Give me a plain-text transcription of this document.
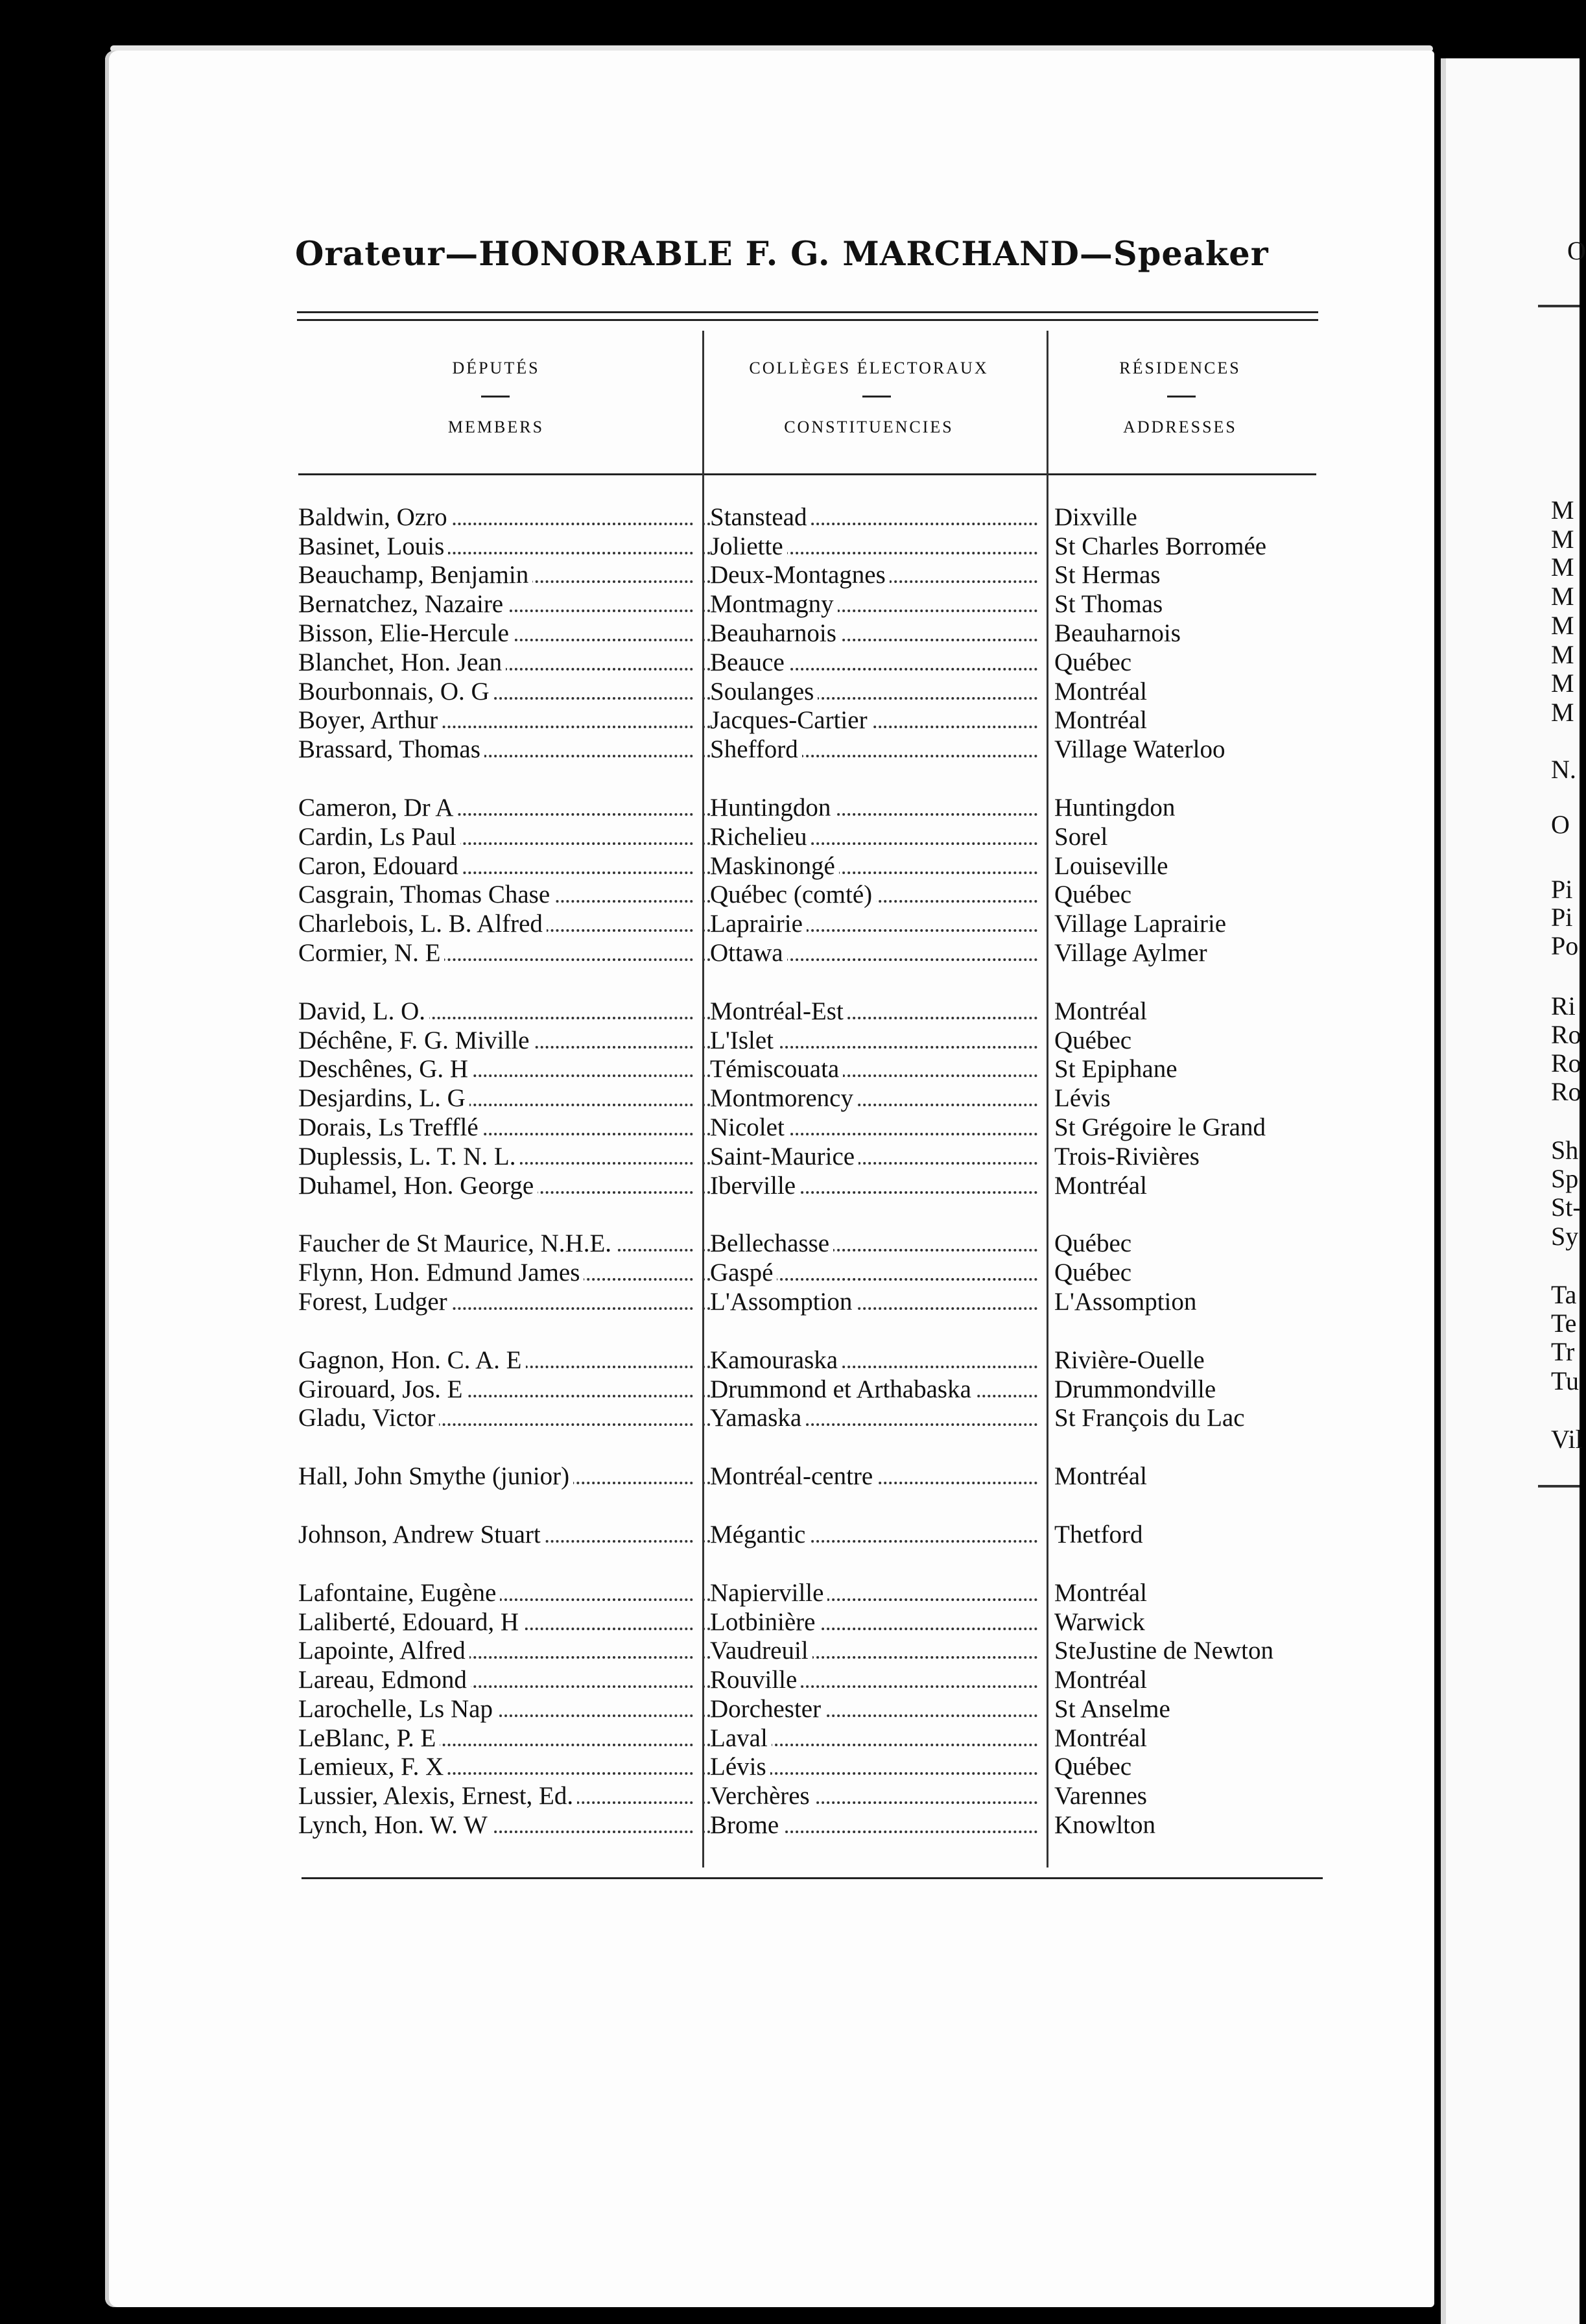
O
M
M
M
M
M
M
M
M
N.
O
Pi
Pi
Po
Ri
Ro
Ro
Ro
Sh
Sp
St-
Sy
Ta
Te
Tr
Tu
Vil
Orateur—HONORABLE F. G. MARCHAND—Speaker
DÉPUTÉS
MEMBERS
COLLÈGES ÉLECTORAUX
CONSTITUENCIES
RÉSIDENCES
ADDRESSES
Baldwin, Ozro	Stanstead	Dixville
Basinet, Louis	Joliette	St Charles Borromée
Beauchamp, Benjamin	Deux-Montagnes	St Hermas
Bernatchez, Nazaire	Montmagny	St Thomas
Bisson, Elie-Hercule	Beauharnois	Beauharnois
Blanchet, Hon. Jean	Beauce	Québec
Bourbonnais, O. G	Soulanges	Montréal
Boyer, Arthur	Jacques-Cartier	Montréal
Brassard, Thomas	Shefford	Village Waterloo
Cameron, Dr A	Huntingdon	Huntingdon
Cardin, Ls Paul	Richelieu	Sorel
Caron, Edouard	Maskinongé	Louiseville
Casgrain, Thomas Chase	Québec (comté)	Québec
Charlebois, L. B. Alfred	Laprairie	Village Laprairie
Cormier, N. E	Ottawa	Village Aylmer
David, L. O.	Montréal-Est	Montréal
Déchêne, F. G. Miville	L'Islet	Québec
Deschênes, G. H	Témiscouata	St Epiphane
Desjardins, L. G	Montmorency	Lévis
Dorais, Ls Trefflé	Nicolet	St Grégoire le Grand
Duplessis, L. T. N. L.	Saint-Maurice	Trois-Rivières
Duhamel, Hon. George	Iberville	Montréal
Faucher de St Maurice, N.H.E.	Bellechasse	Québec
Flynn, Hon. Edmund James	Gaspé	Québec
Forest, Ludger	L'Assomption	L'Assomption
Gagnon, Hon. C. A. E	Kamouraska	Rivière-Ouelle
Girouard, Jos. E	Drummond et Arthabaska	Drummondville
Gladu, Victor	Yamaska	St François du Lac
Hall, John Smythe (junior)	Montréal-centre	Montréal
Johnson, Andrew Stuart	Mégantic	Thetford
Lafontaine, Eugène	Napierville	Montréal
Laliberté, Edouard, H	Lotbinière	Warwick
Lapointe, Alfred	Vaudreuil	SteJustine de Newton
Lareau, Edmond	Rouville	Montréal
Larochelle, Ls Nap	Dorchester	St Anselme
LeBlanc, P. E	Laval	Montréal
Lemieux, F. X	Lévis	Québec
Lussier, Alexis, Ernest, Ed.	Verchères	Varennes
Lynch, Hon. W. W	Brome	Knowlton
